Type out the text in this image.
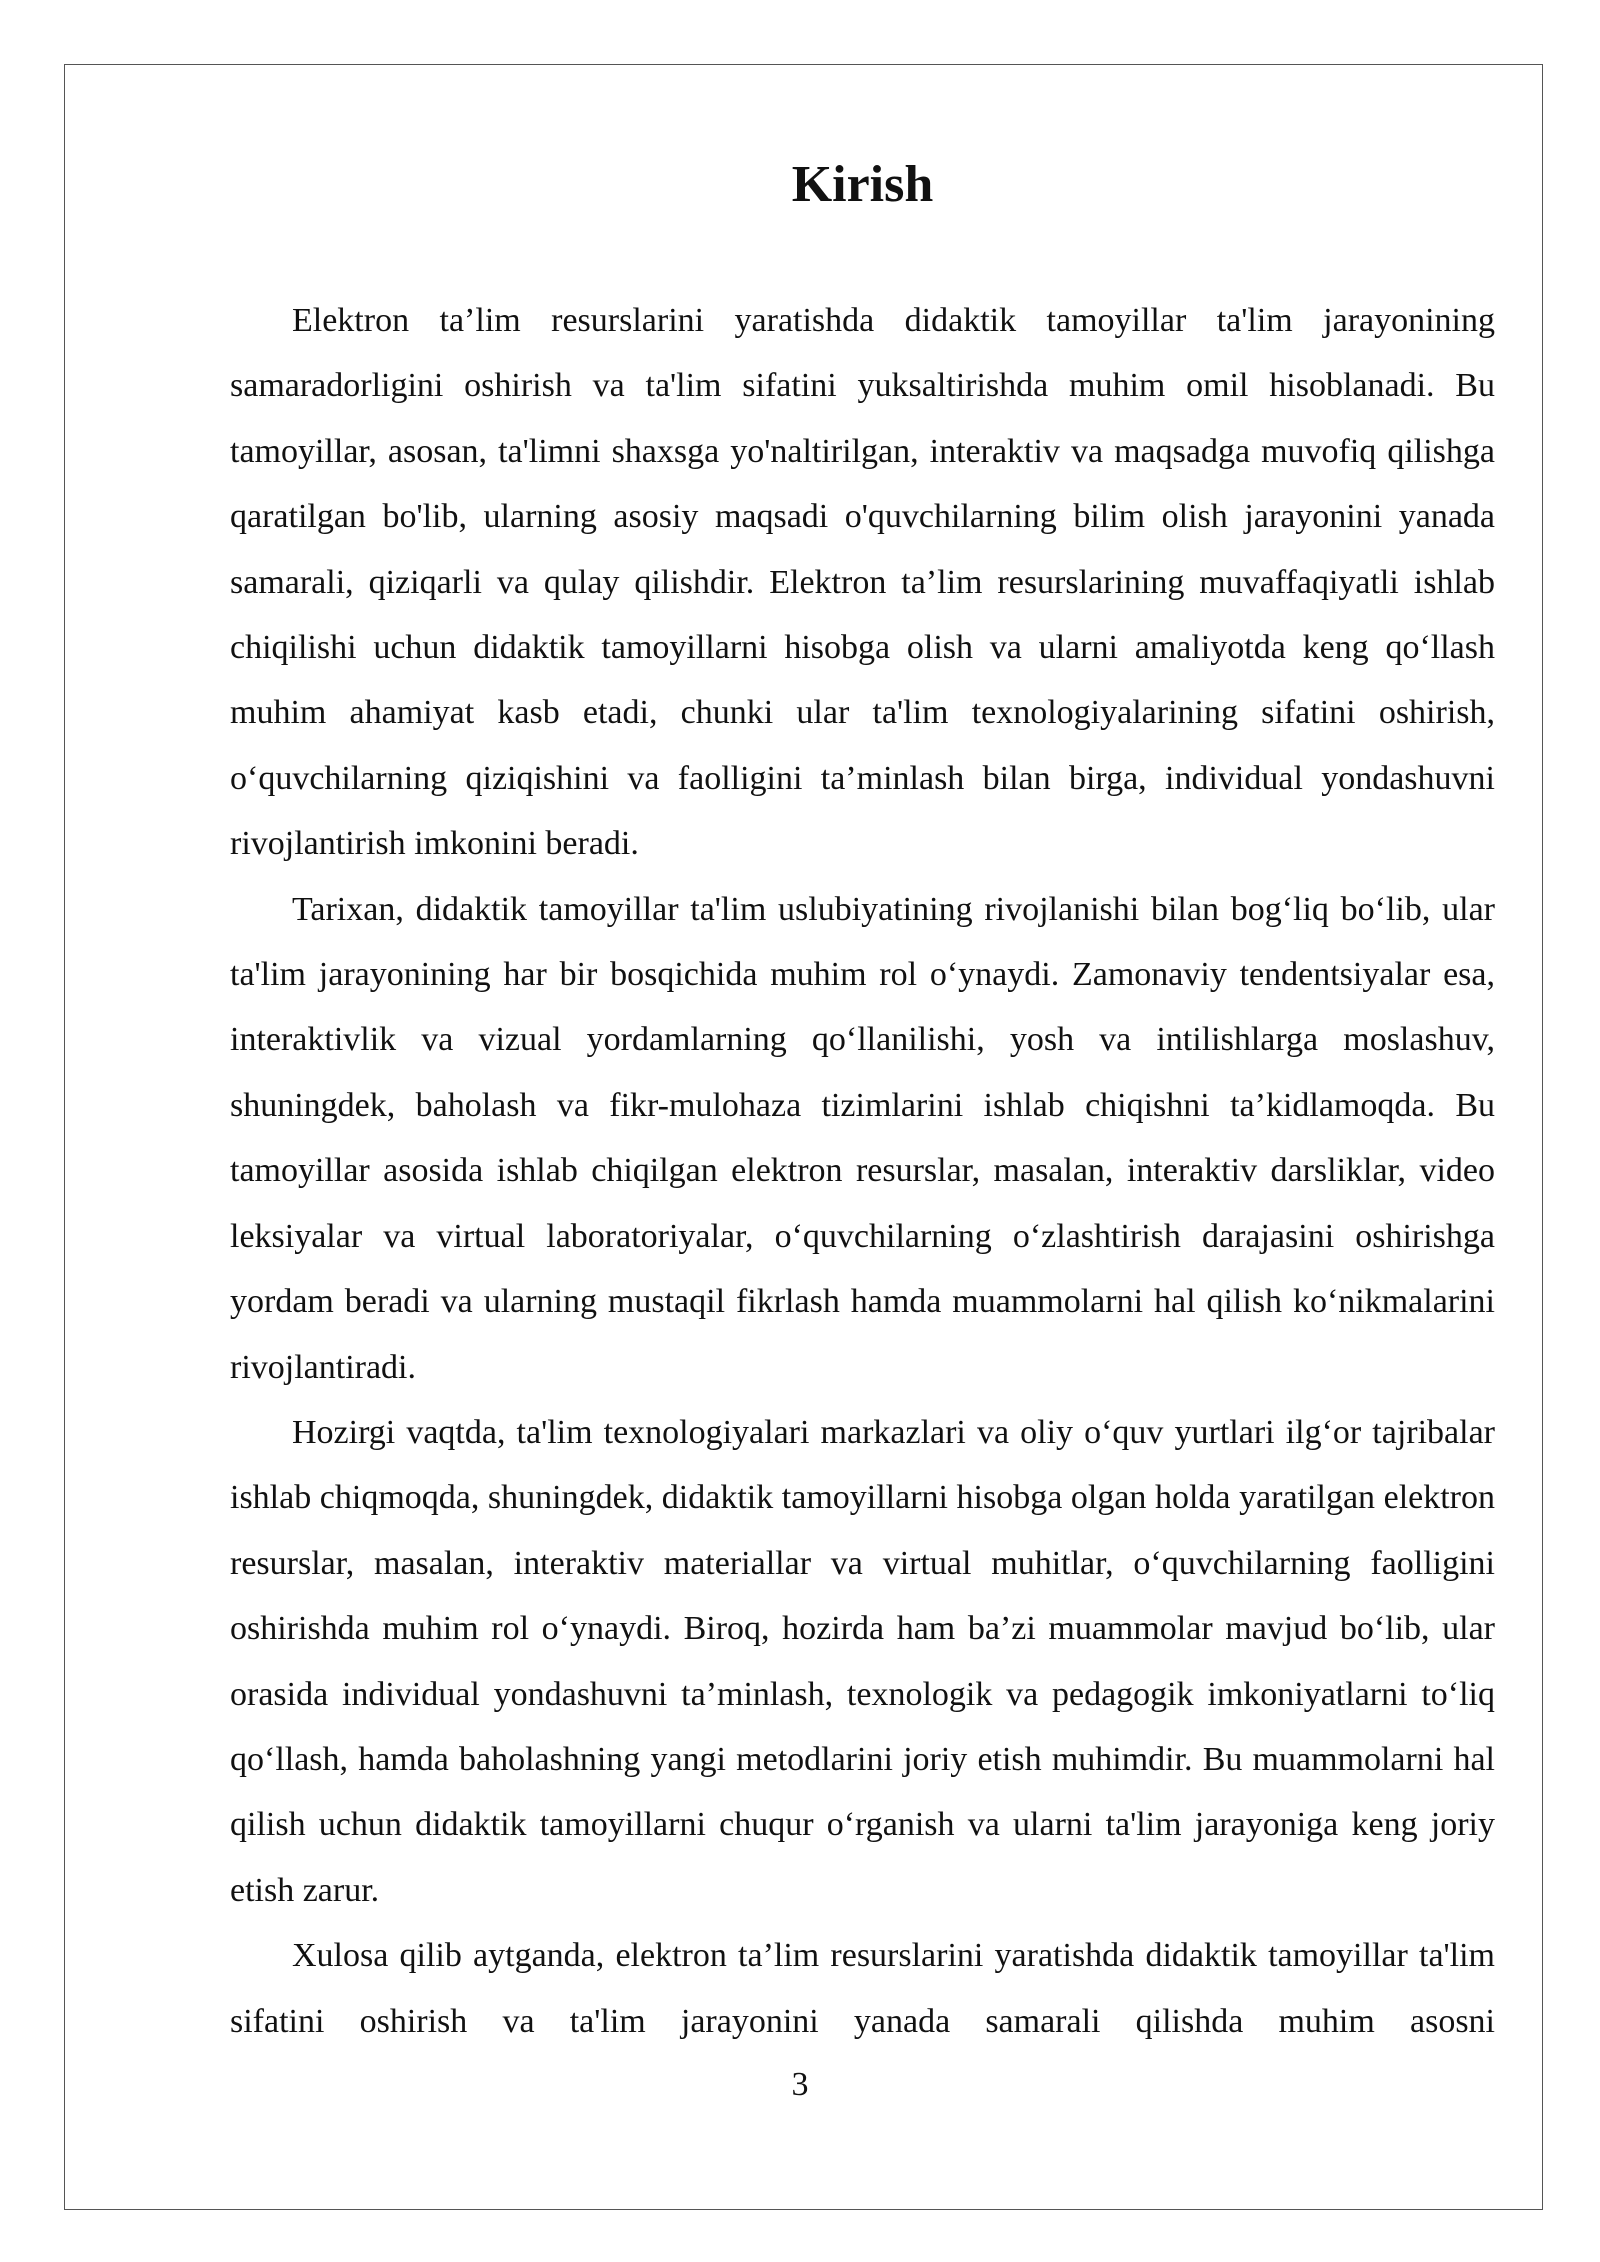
Kirish

Elektron ta’lim resurslarini yaratishda didaktik tamoyillar ta'lim jarayonining samaradorligini oshirish va ta'lim sifatini yuksaltirishda muhim omil hisoblanadi. Bu tamoyillar, asosan, ta'limni shaxsga yo'naltirilgan, interaktiv va maqsadga muvofiq qilishga qaratilgan bo'lib, ularning asosiy maqsadi o'quvchilarning bilim olish jarayonini yanada samarali, qiziqarli va qulay qilishdir. Elektron ta’lim resurslarining muvaffaqiyatli ishlab chiqilishi uchun didaktik tamoyillarni hisobga olish va ularni amaliyotda keng qo‘llash muhim ahamiyat kasb etadi, chunki ular ta'lim texnologiyalarining sifatini oshirish, o‘quvchilarning qiziqishini va faolligini ta’minlash bilan birga, individual yondashuvni rivojlantirish imkonini beradi.

Tarixan, didaktik tamoyillar ta'lim uslubiyatining rivojlanishi bilan bog‘liq bo‘lib, ular ta'lim jarayonining har bir bosqichida muhim rol o‘ynaydi. Zamonaviy tendentsiyalar esa, interaktivlik va vizual yordamlarning qo‘llanilishi, yosh va intilishlarga moslashuv, shuningdek, baholash va fikr-mulohaza tizimlarini ishlab chiqishni ta’kidlamoqda. Bu tamoyillar asosida ishlab chiqilgan elektron resurslar, masalan, interaktiv darsliklar, video leksiyalar va virtual laboratoriyalar, o‘quvchilarning o‘zlashtirish darajasini oshirishga yordam beradi va ularning mustaqil fikrlash hamda muammolarni hal qilish ko‘nikmalarini rivojlantiradi.

Hozirgi vaqtda, ta'lim texnologiyalari markazlari va oliy o‘quv yurtlari ilg‘or tajribalar ishlab chiqmoqda, shuningdek, didaktik tamoyillarni hisobga olgan holda yaratilgan elektron resurslar, masalan, interaktiv materiallar va virtual muhitlar, o‘quvchilarning faolligini oshirishda muhim rol o‘ynaydi. Biroq, hozirda ham ba’zi muammolar mavjud bo‘lib, ular orasida individual yondashuvni ta’minlash, texnologik va pedagogik imkoniyatlarni to‘liq qo‘llash, hamda baholashning yangi metodlarini joriy etish muhimdir. Bu muammolarni hal qilish uchun didaktik tamoyillarni chuqur o‘rganish va ularni ta'lim jarayoniga keng joriy etish zarur.

Xulosa qilib aytganda, elektron ta’lim resurslarini yaratishda didaktik tamoyillar ta'lim sifatini oshirish va ta'lim jarayonini yanada samarali qilishda muhim asosni

3
